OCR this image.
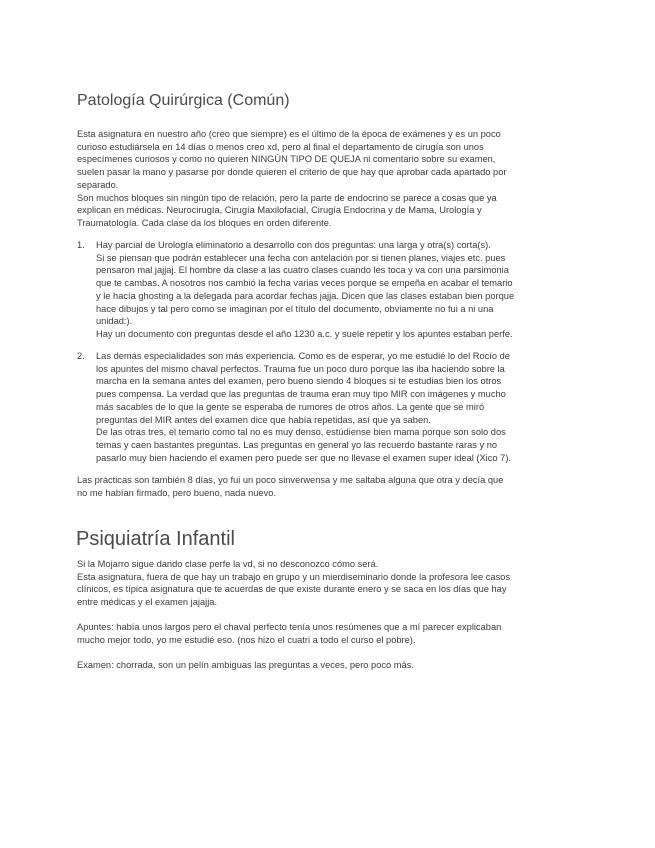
Patología Quirúrgica (Común)
Esta asignatura en nuestro año (creo que siempre) es el último de la época de exámenes y es un poco
curioso estudiársela en 14 días o menos creo xd, pero al final el departamento de cirugía son unos
especímenes curiosos y como no quieren NINGÚN TIPO DE QUEJA ni comentario sobre su examen,
suelen pasar la mano y pasarse por donde quieren el criterio de que hay que aprobar cada apartado por
separado.
Son muchos bloques sin ningún tipo de relación, pero la parte de endocrino se parece a cosas que ya
explican en médicas. Neurocirugía, Cirugía Maxilofacial, Cirugía Endocrina y de Mama, Urología y
Traumatología. Cada clase da los bloques en orden diferente.
1.	Hay parcial de Urología eliminatorio a desarrollo con dos preguntas: una larga y otra(s) corta(s).
Si se piensan que podrán establecer una fecha con antelación por si tienen planes, viajes etc. pues
pensaron mal jajjaj. El hombre da clase a las cuatro clases cuando les toca y va con una parsimonia
que te cambas. A nosotros nos cambió la fecha varias veces porque se empeña en acabar el temario
y le hacía ghosting a la delegada para acordar fechas jajja. Dicen que las clases estaban bien porque
hace dibujos y tal pero como se imaginan por el título del documento, obviamente no fui a ni una
unidad:).
Hay un documento con preguntas desde el año 1230 a.c. y suele repetir y los apuntes estaban perfe.
2.	Las demás especialidades son más experiencia. Como es de esperar, yo me estudié lo del Rocío de
los apuntes del mismo chaval perfectos. Trauma fue un poco duro porque las iba haciendo sobre la
marcha en la semana antes del examen, pero bueno siendo 4 bloques si te estudias bien los otros
pues compensa. La verdad que las preguntas de trauma eran muy tipo MIR con imágenes y mucho
más sacables de lo que la gente se esperaba de rumores de otros años. La gente que se miró
preguntas del MIR antes del examen dice que había repetidas, así que ya saben.
De las otras tres, el temario como tal no es muy denso, estúdiense bien mama porque son solo dos
temas y caen bastantes preguntas. Las preguntas en general yo las recuerdo bastante raras y no
pasarlo muy bien haciendo el examen pero puede ser que no llevase el examen super ideal (Xico 7).
Las prácticas son también 8 días, yo fui un poco sinverwensa y me saltaba alguna que otra y decía que
no me habían firmado, pero bueno, nada nuevo.
Psiquiatría Infantil
Si la Mojarro sigue dando clase perfe la vd, si no desconozco cómo será.
Esta asignatura, fuera de que hay un trabajo en grupo y un mierdiseminario donde la profesora lee casos
clínicos, es típica asignatura que te acuerdas de que existe durante enero y se saca en los días que hay
entre médicas y el examen jajajja.
Apuntes: había unos largos pero el chaval perfecto tenía unos resúmenes que a mí parecer explicaban
mucho mejor todo, yo me estudié eso. (nos hizo el cuatri a todo el curso el pobre).
Examen: chorrada, son un pelín ambiguas las preguntas a veces, pero poco más.
